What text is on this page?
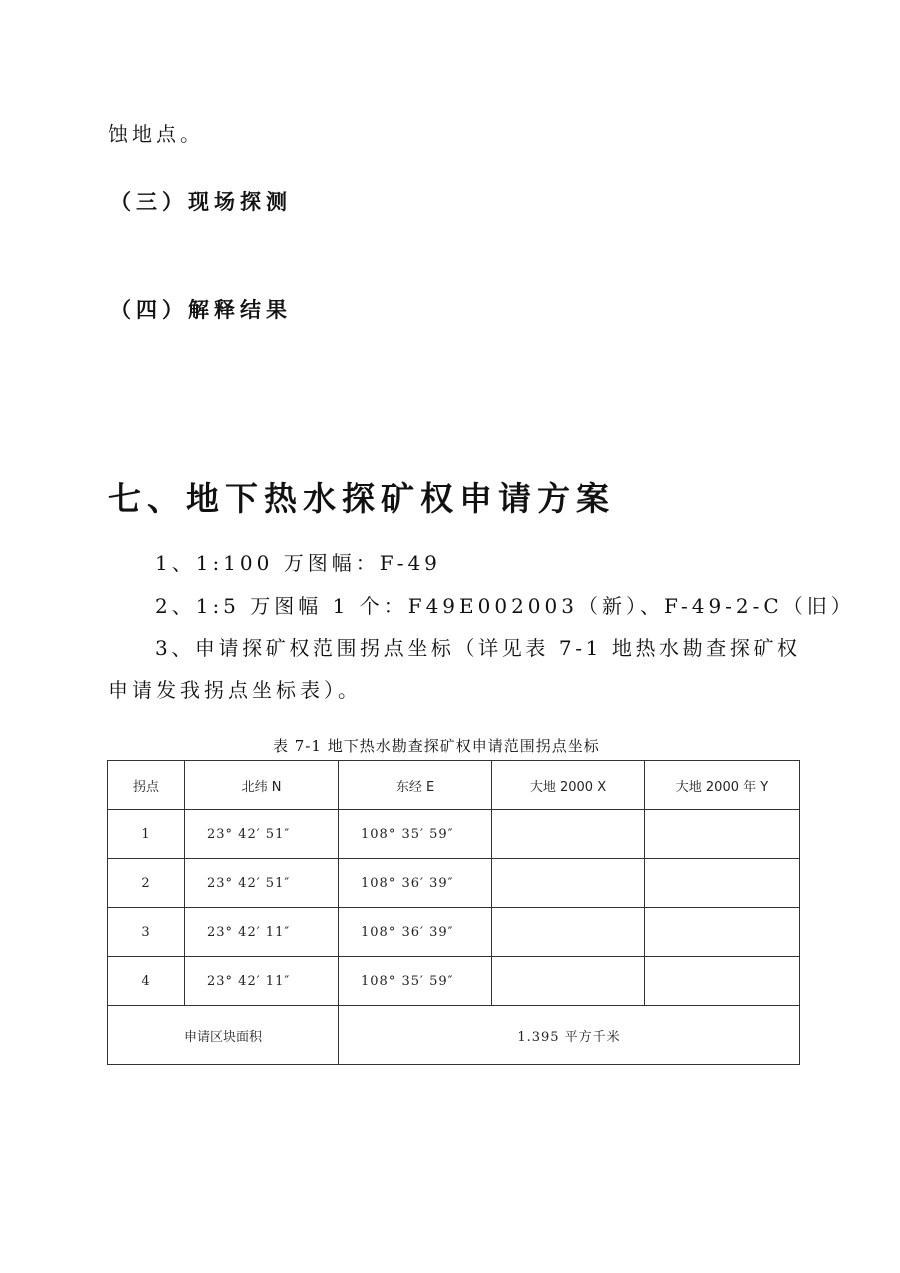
蚀地点。
（三）现场探测
（四）解释结果
七、地下热水探矿权申请方案
1、1:100 万图幅：F-49
2、1:5 万图幅 1 个：F49E002003（新）、F-49-2-C（旧）
3、申请探矿权范围拐点坐标（详见表 7-1 地热水勘查探矿权
申请发我拐点坐标表）。
表 7-1 地下热水勘查探矿权申请范围拐点坐标
拐点	北纬 N	东经 E	大地 2000 X	大地 2000 年 Y
1	23° 42′ 51″	108° 35′ 59″		
2	23° 42′ 51″	108° 36′ 39″		
3	23° 42′ 11″	108° 36′ 39″		
4	23° 42′ 11″	108° 35′ 59″		
申请区块面积		1.395 平方千米		
